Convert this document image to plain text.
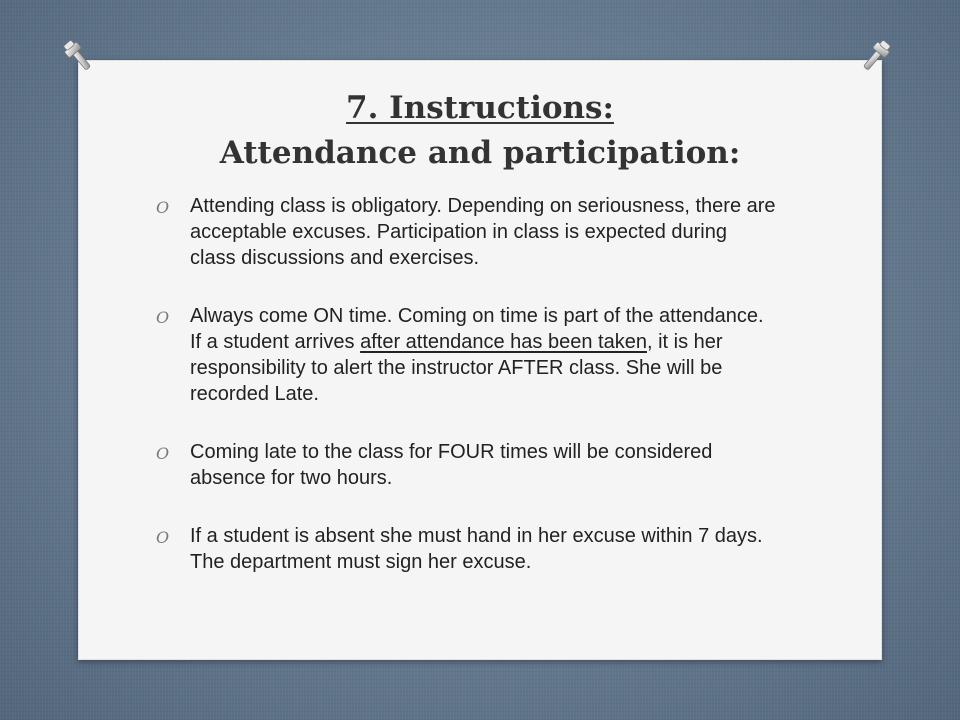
7. Instructions:
Attendance and participation:
O Attending class is obligatory. Depending on seriousness, there are acceptable excuses. Participation in class is expected during class discussions and exercises.
O Always come ON time. Coming on time is part of the attendance. If a student arrives after attendance has been taken, it is her responsibility to alert the instructor AFTER class. She will be recorded Late.
O Coming late to the class for FOUR times will be considered absence for two hours.
O If a student is absent she must hand in her excuse within 7 days. The department must sign her excuse.
